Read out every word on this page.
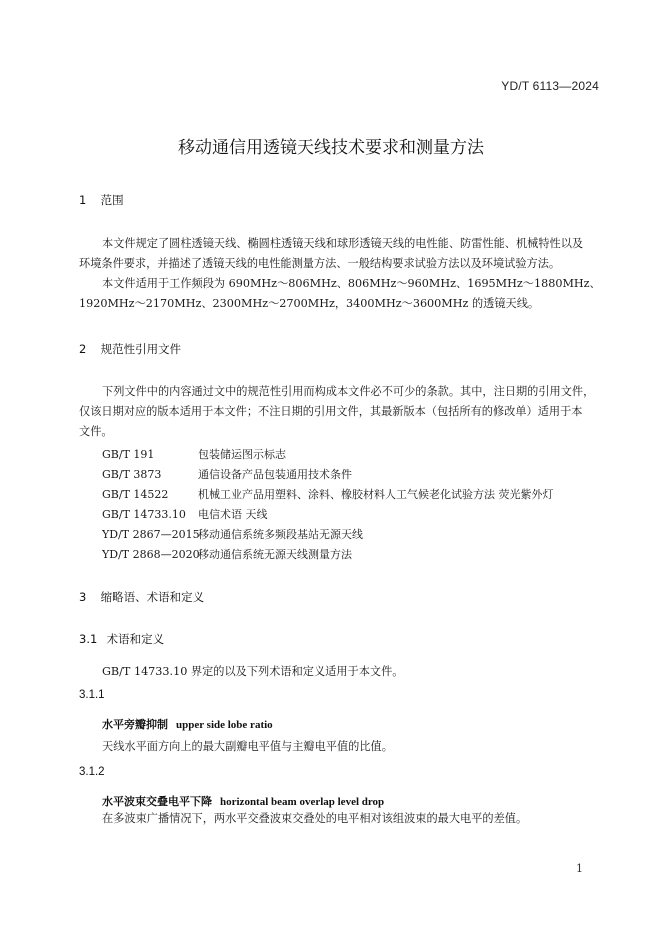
YD/T 6113—2024
移动通信用透镜天线技术要求和测量方法
1 范围
本文件规定了圆柱透镜天线、椭圆柱透镜天线和球形透镜天线的电性能、防雷性能、机械特性以及
环境条件要求，并描述了透镜天线的电性能测量方法、一般结构要求试验方法以及环境试验方法。
本文件适用于工作频段为 690MHz～806MHz、806MHz～960MHz、1695MHz～1880MHz、
1920MHz～2170MHz、2300MHz～2700MHz，3400MHz～3600MHz 的透镜天线。
2 规范性引用文件
下列文件中的内容通过文中的规范性引用而构成本文件必不可少的条款。其中，注日期的引用文件，
仅该日期对应的版本适用于本文件；不注日期的引用文件，其最新版本（包括所有的修改单）适用于本
文件。
GB/T 191	包装储运图示标志
GB/T 3873	通信设备产品包装通用技术条件
GB/T 14522	机械工业产品用塑料、涂料、橡胶材料人工气候老化试验方法 荧光紫外灯
GB/T 14733.10 电信术语 天线
YD/T 2867—2015移动通信系统多频段基站无源天线
YD/T 2868—2020移动通信系统无源天线测量方法
3 缩略语、术语和定义
3.1 术语和定义
GB/T 14733.10 界定的以及下列术语和定义适用于本文件。
3.1.1
水平旁瓣抑制 upper side lobe ratio
天线水平面方向上的最大副瓣电平值与主瓣电平值的比值。
3.1.2
水平波束交叠电平下降 horizontal beam overlap level drop
在多波束广播情况下，两水平交叠波束交叠处的电平相对该组波束的最大电平的差值。
1
